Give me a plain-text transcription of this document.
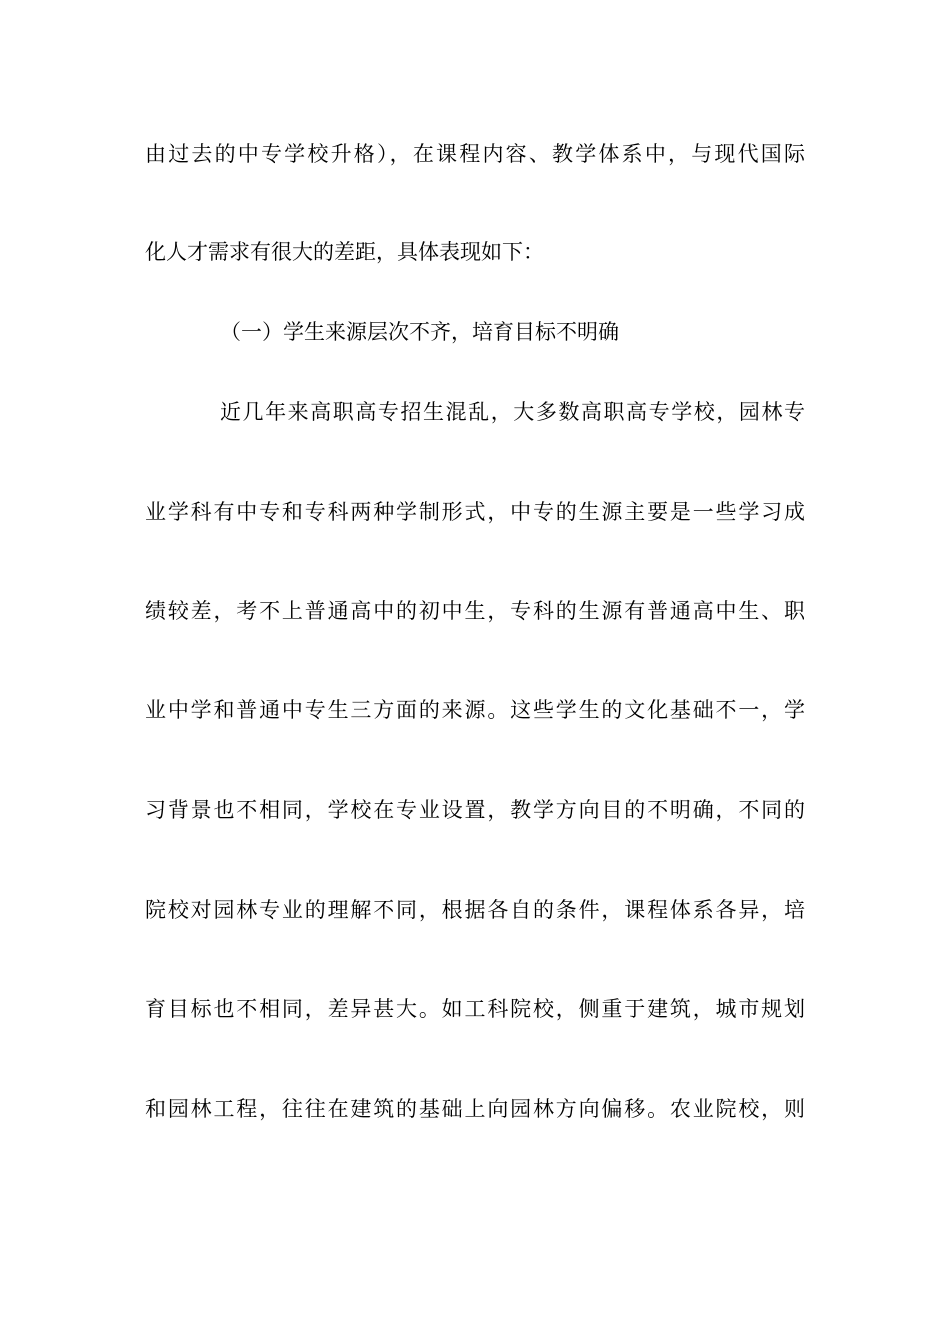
由过去的中专学校升格），在课程内容、教学体系中，与现代国际
化人才需求有很大的差距，具体表现如下：
（一）学生来源层次不齐，培育目标不明确
近几年来高职高专招生混乱，大多数高职高专学校，园林专
业学科有中专和专科两种学制形式，中专的生源主要是一些学习成
绩较差，考不上普通高中的初中生，专科的生源有普通高中生、职
业中学和普通中专生三方面的来源。这些学生的文化基础不一，学
习背景也不相同，学校在专业设置，教学方向目的不明确，不同的
院校对园林专业的理解不同，根据各自的条件，课程体系各异，培
育目标也不相同，差异甚大。如工科院校，侧重于建筑，城市规划
和园林工程，往往在建筑的基础上向园林方向偏移。农业院校，则
